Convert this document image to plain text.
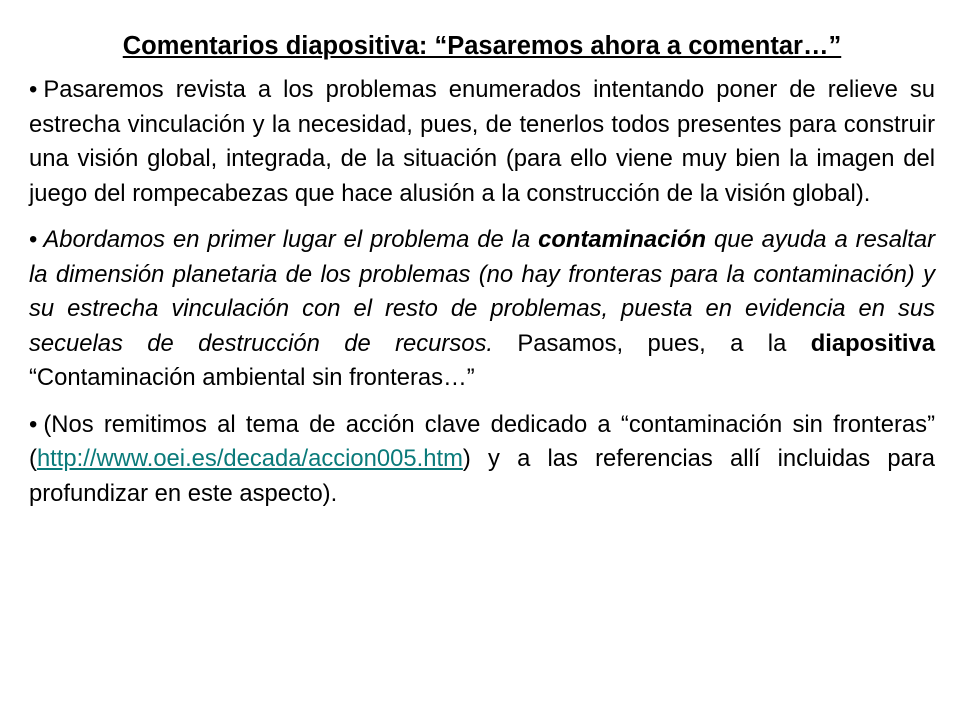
Comentarios diapositiva: “Pasaremos ahora a comentar…”

• Pasaremos revista a los problemas enumerados intentando poner de relieve su estrecha vinculación y la necesidad, pues, de tenerlos todos presentes para construir una visión global, integrada, de la situación (para ello viene muy bien la imagen del juego del rompecabezas que hace alusión a la construcción de la visión global).

• Abordamos en primer lugar el problema de la contaminación que ayuda a resaltar la dimensión planetaria de los problemas (no hay fronteras para la contaminación) y su estrecha vinculación con el resto de problemas, puesta en evidencia en sus secuelas de destrucción de recursos. Pasamos, pues, a la diapositiva “Contaminación ambiental sin fronteras…”

• (Nos remitimos al tema de acción clave dedicado a “contaminación sin fronteras” (http://www.oei.es/decada/accion005.htm) y a las referencias allí incluidas para profundizar en este aspecto).
